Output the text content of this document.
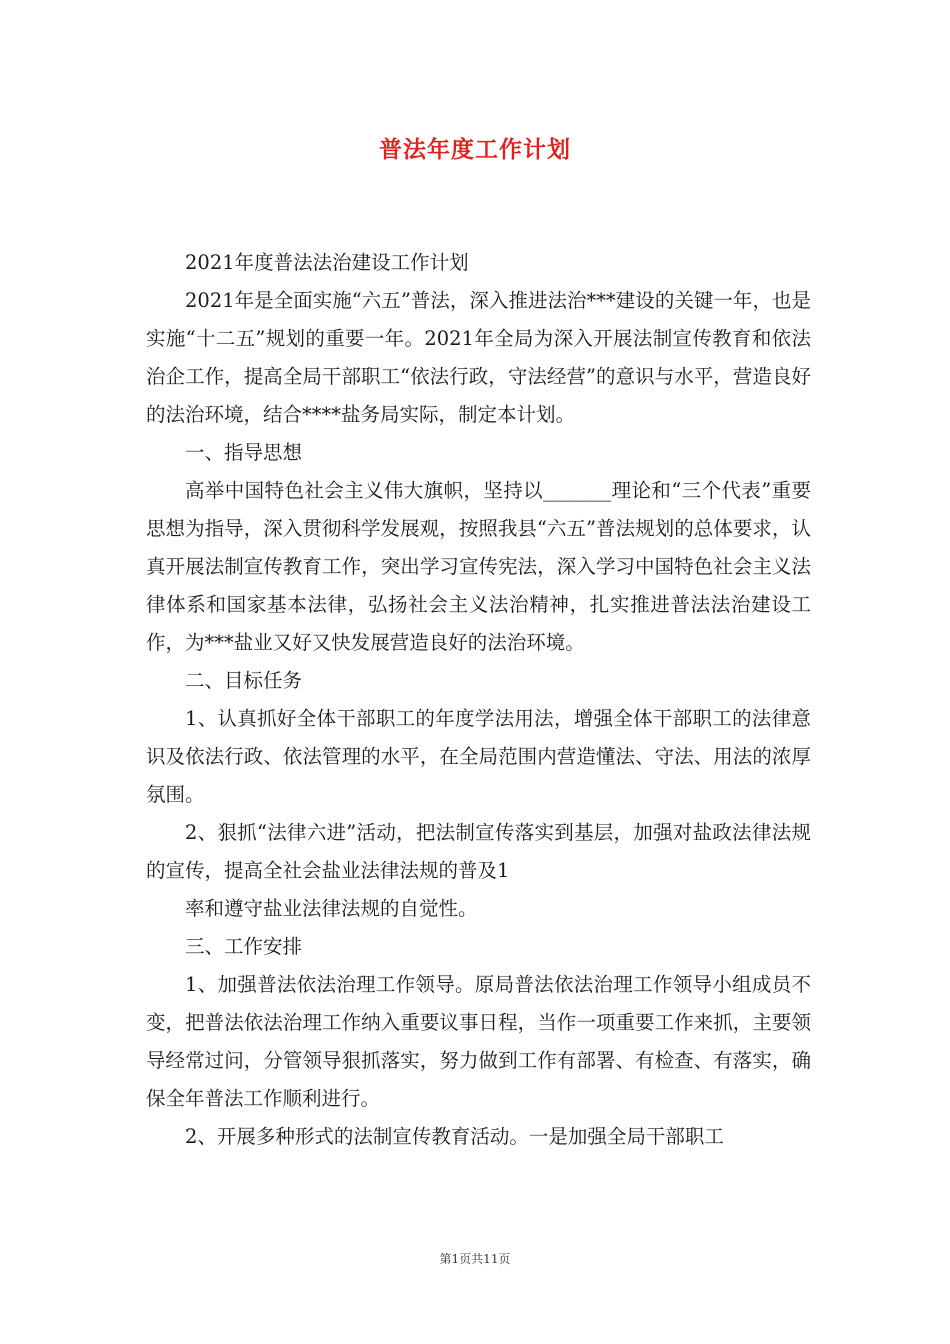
普法年度工作计划

2021年度普法法治建设工作计划

2021年是全面实施“六五”普法，深入推进法治***建设的关键一年，也是实施“十二五”规划的重要一年。2021年全局为深入开展法制宣传教育和依法治企工作，提高全局干部职工“依法行政，守法经营”的意识与水平，营造良好的法治环境，结合****盐务局实际，制定本计划。

一、指导思想

高举中国特色社会主义伟大旗帜，坚持以_______理论和“三个代表”重要思想为指导，深入贯彻科学发展观，按照我县“六五”普法规划的总体要求，认真开展法制宣传教育工作，突出学习宣传宪法，深入学习中国特色社会主义法律体系和国家基本法律，弘扬社会主义法治精神，扎实推进普法法治建设工作，为***盐业又好又快发展营造良好的法治环境。

二、目标任务

1、认真抓好全体干部职工的年度学法用法，增强全体干部职工的法律意识及依法行政、依法管理的水平，在全局范围内营造懂法、守法、用法的浓厚氛围。

2、狠抓“法律六进”活动，把法制宣传落实到基层，加强对盐政法律法规的宣传，提高全社会盐业法律法规的普及1

率和遵守盐业法律法规的自觉性。

三、工作安排

1、加强普法依法治理工作领导。原局普法依法治理工作领导小组成员不变，把普法依法治理工作纳入重要议事日程，当作一项重要工作来抓，主要领导经常过问，分管领导狠抓落实，努力做到工作有部署、有检查、有落实，确保全年普法工作顺利进行。

2、开展多种形式的法制宣传教育活动。一是加强全局干部职工

第1页共11页
